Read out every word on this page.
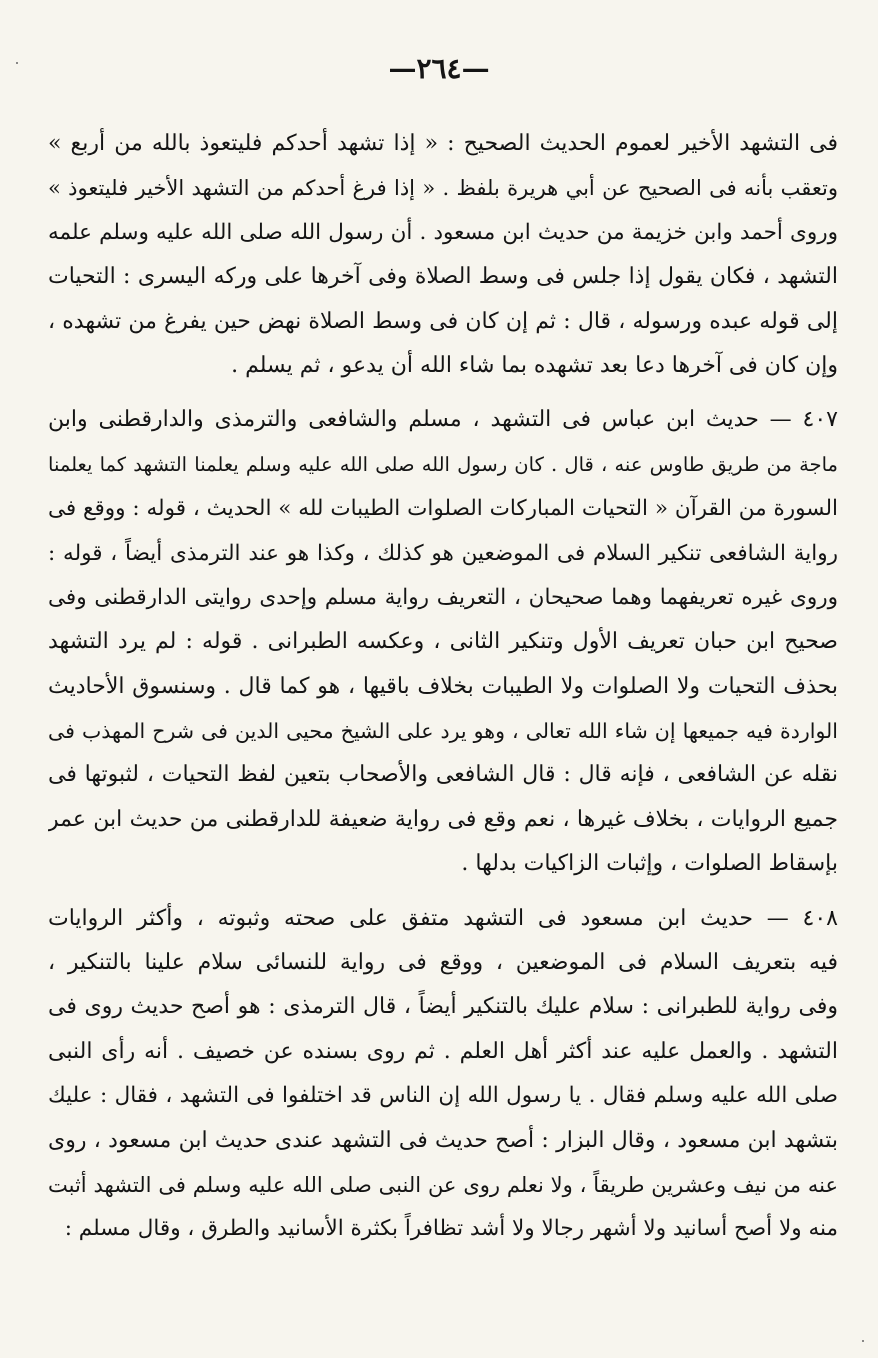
—٢٦٤—
فى التشهد الأخير لعموم الحديث الصحيح : « إذا تشهد أحدكم فليتعوذ بالله من أربع »
وتعقب بأنه فى الصحيح عن أبي هريرة بلفظ . « إذا فرغ أحدكم من التشهد الأخير فليتعوذ »
وروى أحمد وابن خزيمة من حديث ابن مسعود . أن رسول الله صلى الله عليه وسلم علمه
التشهد ، فكان يقول إذا جلس فى وسط الصلاة وفى آخرها على وركه اليسرى : التحيات
إلى قوله عبده ورسوله ، قال : ثم إن كان فى وسط الصلاة نهض حين يفرغ من تشهده ،
وإن كان فى آخرها دعا بعد تشهده بما شاء الله أن يدعو ، ثم يسلم .
٤٠٧ — حديث ابن عباس فى التشهد ، مسلم والشافعى والترمذى والدارقطنى وابن
ماجة من طريق طاوس عنه ، قال . كان رسول الله صلى الله عليه وسلم يعلمنا التشهد كما يعلمنا
السورة من القرآن « التحيات المباركات الصلوات الطيبات لله » الحديث ، قوله : ووقع فى
رواية الشافعى تنكير السلام فى الموضعين هو كذلك ، وكذا هو عند الترمذى أيضاً ، قوله :
وروى غيره تعريفهما وهما صحيحان ، التعريف رواية مسلم وإحدى روايتى الدارقطنى وفى
صحيح ابن حبان تعريف الأول وتنكير الثانى ، وعكسه الطبرانى . قوله : لم يرد التشهد
بحذف التحيات ولا الصلوات ولا الطيبات بخلاف باقيها ، هو كما قال . وسنسوق الأحاديث
الواردة فيه جميعها إن شاء الله تعالى ، وهو يرد على الشيخ محيى الدين فى شرح المهذب فى
نقله عن الشافعى ، فإنه قال : قال الشافعى والأصحاب بتعين لفظ التحيات ، لثبوتها فى
جميع الروايات ، بخلاف غيرها ، نعم وقع فى رواية ضعيفة للدارقطنى من حديث ابن عمر
بإسقاط الصلوات ، وإثبات الزاكيات بدلها .
٤٠٨ — حديث ابن مسعود فى التشهد متفق على صحته وثبوته ، وأكثر الروايات
فيه بتعريف السلام فى الموضعين ، ووقع فى رواية للنسائى سلام علينا بالتنكير ،
وفى رواية للطبرانى : سلام عليك بالتنكير أيضاً ، قال الترمذى : هو أصح حديث روى فى
التشهد . والعمل عليه عند أكثر أهل العلم . ثم روى بسنده عن خصيف . أنه رأى النبى
صلى الله عليه وسلم فقال . يا رسول الله إن الناس قد اختلفوا فى التشهد ، فقال : عليك
بتشهد ابن مسعود ، وقال البزار : أصح حديث فى التشهد عندى حديث ابن مسعود ، روى
عنه من نيف وعشرين طريقاً ، ولا نعلم روى عن النبى صلى الله عليه وسلم فى التشهد أثبت
منه ولا أصح أسانيد ولا أشهر رجالا ولا أشد تظافراً بكثرة الأسانيد والطرق ، وقال مسلم :
